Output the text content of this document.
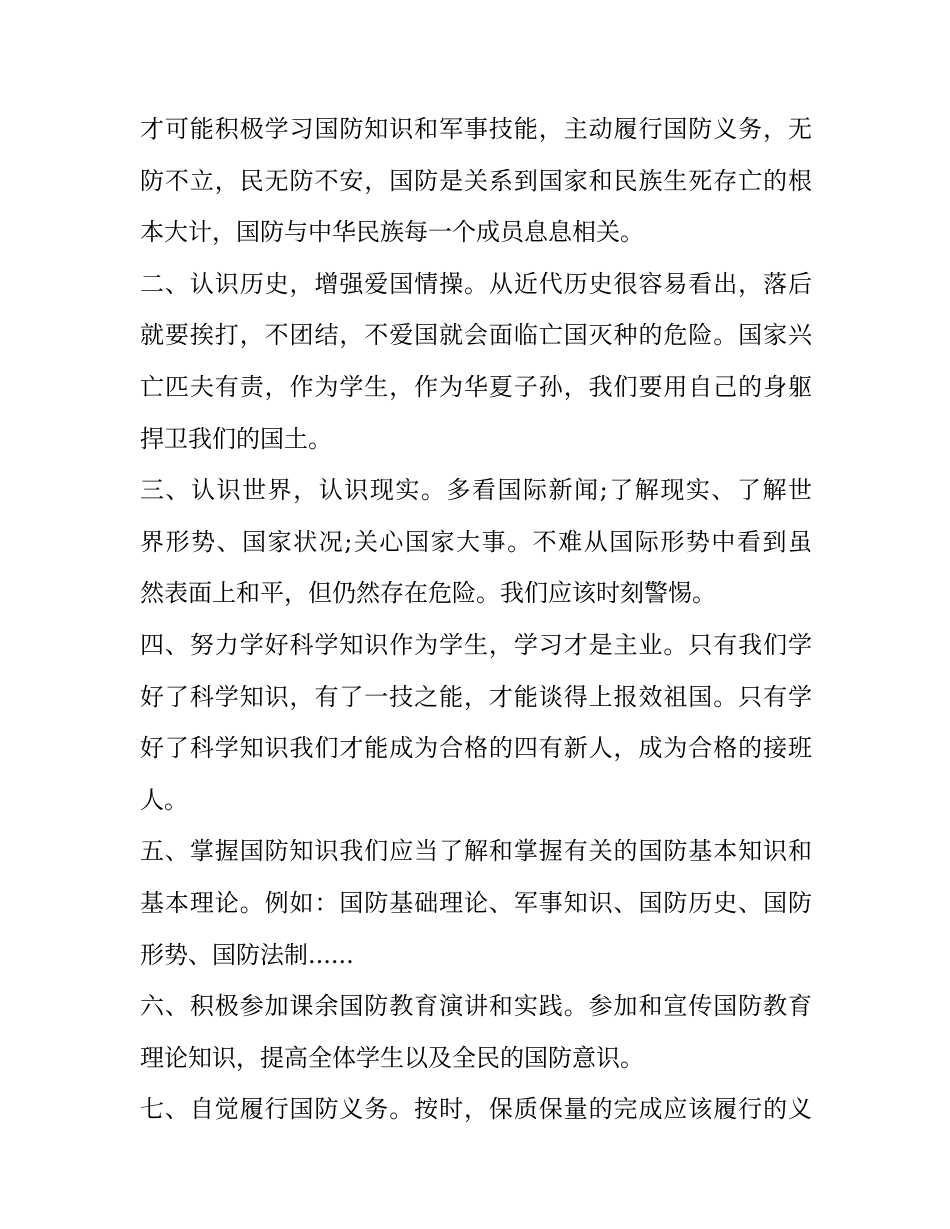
才可能积极学习国防知识和军事技能，主动履行国防义务，无
防不立，民无防不安，国防是关系到国家和民族生死存亡的根
本大计，国防与中华民族每一个成员息息相关。
二、认识历史，增强爱国情操。从近代历史很容易看出，落后
就要挨打，不团结，不爱国就会面临亡国灭种的危险。国家兴
亡匹夫有责，作为学生，作为华夏子孙，我们要用自己的身躯
捍卫我们的国土。
三、认识世界，认识现实。多看国际新闻;了解现实、了解世
界形势、国家状况;关心国家大事。不难从国际形势中看到虽
然表面上和平，但仍然存在危险。我们应该时刻警惕。
四、努力学好科学知识作为学生，学习才是主业。只有我们学
好了科学知识，有了一技之能，才能谈得上报效祖国。只有学
好了科学知识我们才能成为合格的四有新人，成为合格的接班
人。
五、掌握国防知识我们应当了解和掌握有关的国防基本知识和
基本理论。例如：国防基础理论、军事知识、国防历史、国防
形势、国防法制......
六、积极参加课余国防教育演讲和实践。参加和宣传国防教育
理论知识，提高全体学生以及全民的国防意识。
七、自觉履行国防义务。按时，保质保量的完成应该履行的义
